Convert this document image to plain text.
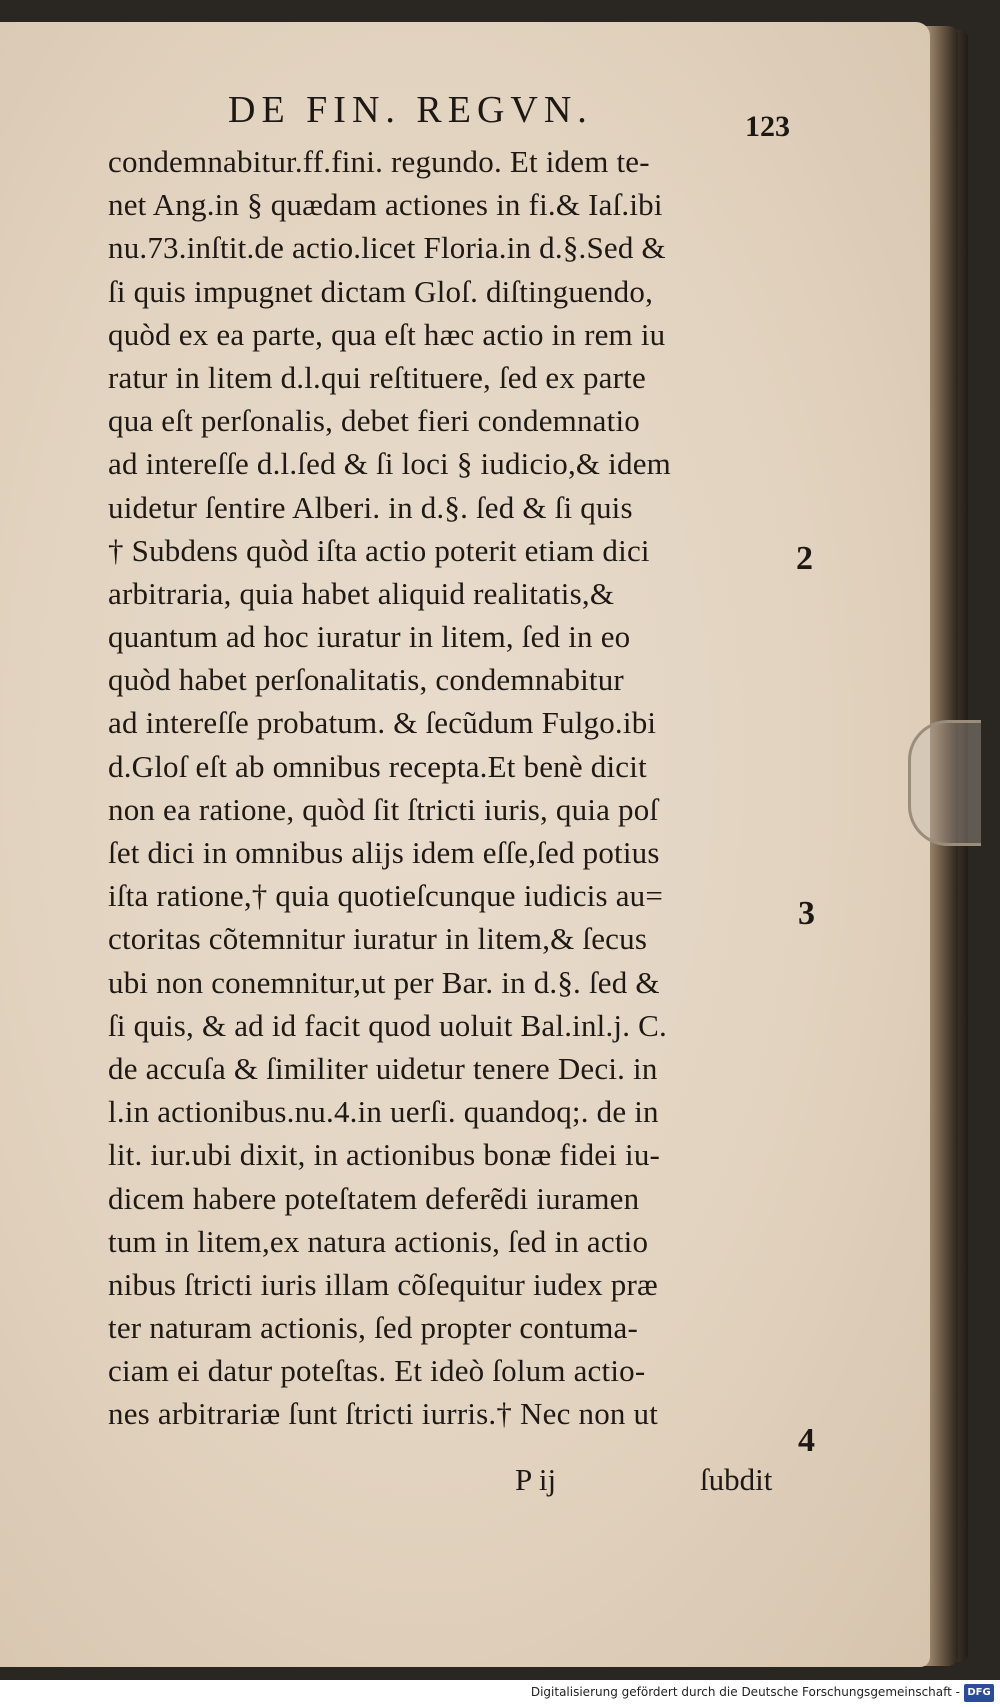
DE FIN. REGVN.	123
condemnabitur.ff.fini. regundo. Et idem te-
net Ang.in § quædam actiones in fi.& Iaſ.ibi
nu.73.inſtit.de actio.licet Floria.in d.§.Sed &
ſi quis impugnet dictam Gloſ. diſtinguendo,
quòd ex ea parte, qua eſt hæc actio in rem iu
ratur in litem d.l.qui reſtituere, ſed ex parte
qua eſt perſonalis, debet fieri condemnatio
ad intereſſe d.l.ſed & ſi loci § iudicio,& idem
uidetur ſentire Alberi. in d.§. ſed & ſi quis
† Subdens quòd iſta actio poterit etiam dici
arbitraria, quia habet aliquid realitatis,&
quantum ad hoc iuratur in litem, ſed in eo
quòd habet perſonalitatis, condemnabitur
ad intereſſe probatum. & ſecũdum Fulgo.ibi
d.Gloſ eſt ab omnibus recepta.Et benè dicit
non ea ratione, quòd ſit ſtricti iuris, quia poſ
ſet dici in omnibus alijs idem eſſe,ſed potius
iſta ratione,† quia quotieſcunque iudicis au=
ctoritas cõtemnitur iuratur in litem,& ſecus
ubi non conemnitur,ut per Bar. in d.§. ſed &
ſi quis, & ad id facit quod uoluit Bal.inl.j. C.
de accuſa & ſimiliter uidetur tenere Deci. in
l.in actionibus.nu.4.in uerſi. quandoq;. de in
lit. iur.ubi dixit, in actionibus bonæ fidei iu-
dicem habere poteſtatem deferẽdi iuramen
tum in litem,ex natura actionis, ſed in actio
nibus ſtricti iuris illam cõſequitur iudex præ
ter naturam actionis, ſed propter contuma-
ciam ei datur poteſtas. Et ideò ſolum actio-
nes arbitrariæ ſunt ſtricti iurris.† Nec non ut
2
3
4
P ij	ſubdit
Digitalisierung gefördert durch die Deutsche Forschungsgemeinschaft - DFG
